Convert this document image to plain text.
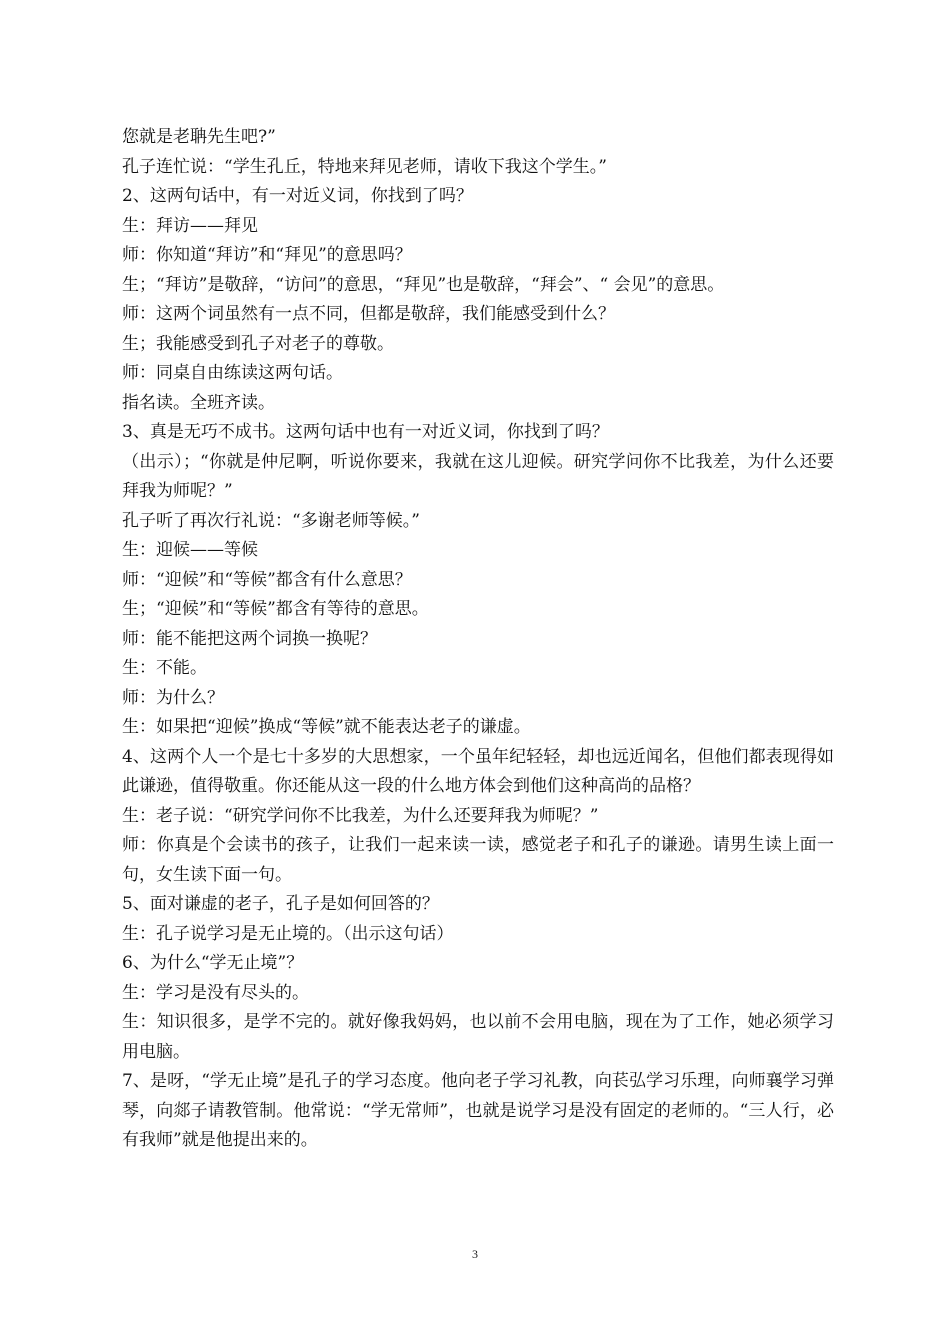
您就是老聃先生吧?”

孔子连忙说：“学生孔丘，特地来拜见老师，请收下我这个学生。”

2、这两句话中，有一对近义词，你找到了吗？

生：拜访——拜见

师：你知道“拜访”和“拜见”的意思吗？

生；“拜访”是敬辞，“访问”的意思，“拜见”也是敬辞，“拜会”、“ 会见”的意思。

师：这两个词虽然有一点不同，但都是敬辞，我们能感受到什么？

生；我能感受到孔子对老子的尊敬。

师：同桌自由练读这两句话。

指名读。全班齐读。

3、真是无巧不成书。这两句话中也有一对近义词，你找到了吗？

（出示）；“你就是仲尼啊，听说你要来，我就在这儿迎候。研究学问你不比我差，为什么还要拜我为师呢？”

孔子听了再次行礼说：“多谢老师等候。”

生：迎候——等候

师：“迎候”和“等候”都含有什么意思？

生；“迎候”和“等候”都含有等待的意思。

师：能不能把这两个词换一换呢？

生：不能。

师：为什么？

生：如果把“迎候”换成“等候”就不能表达老子的谦虚。

4、这两个人一个是七十多岁的大思想家，一个虽年纪轻轻，却也远近闻名，但他们都表现得如此谦逊，值得敬重。你还能从这一段的什么地方体会到他们这种高尚的品格？

生：老子说：“研究学问你不比我差，为什么还要拜我为师呢？”

师：你真是个会读书的孩子，让我们一起来读一读，感觉老子和孔子的谦逊。请男生读上面一句，女生读下面一句。

5、面对谦虚的老子，孔子是如何回答的？

生：孔子说学习是无止境的。（出示这句话）

6、为什么“学无止境”？

生：学习是没有尽头的。

生：知识很多，是学不完的。就好像我妈妈，也以前不会用电脑，现在为了工作，她必须学习用电脑。

7、是呀，“学无止境”是孔子的学习态度。他向老子学习礼教，向苌弘学习乐理，向师襄学习弹琴，向郯子请教管制。他常说：“学无常师”，也就是说学习是没有固定的老师的。“三人行，必有我师”就是他提出来的。

3
